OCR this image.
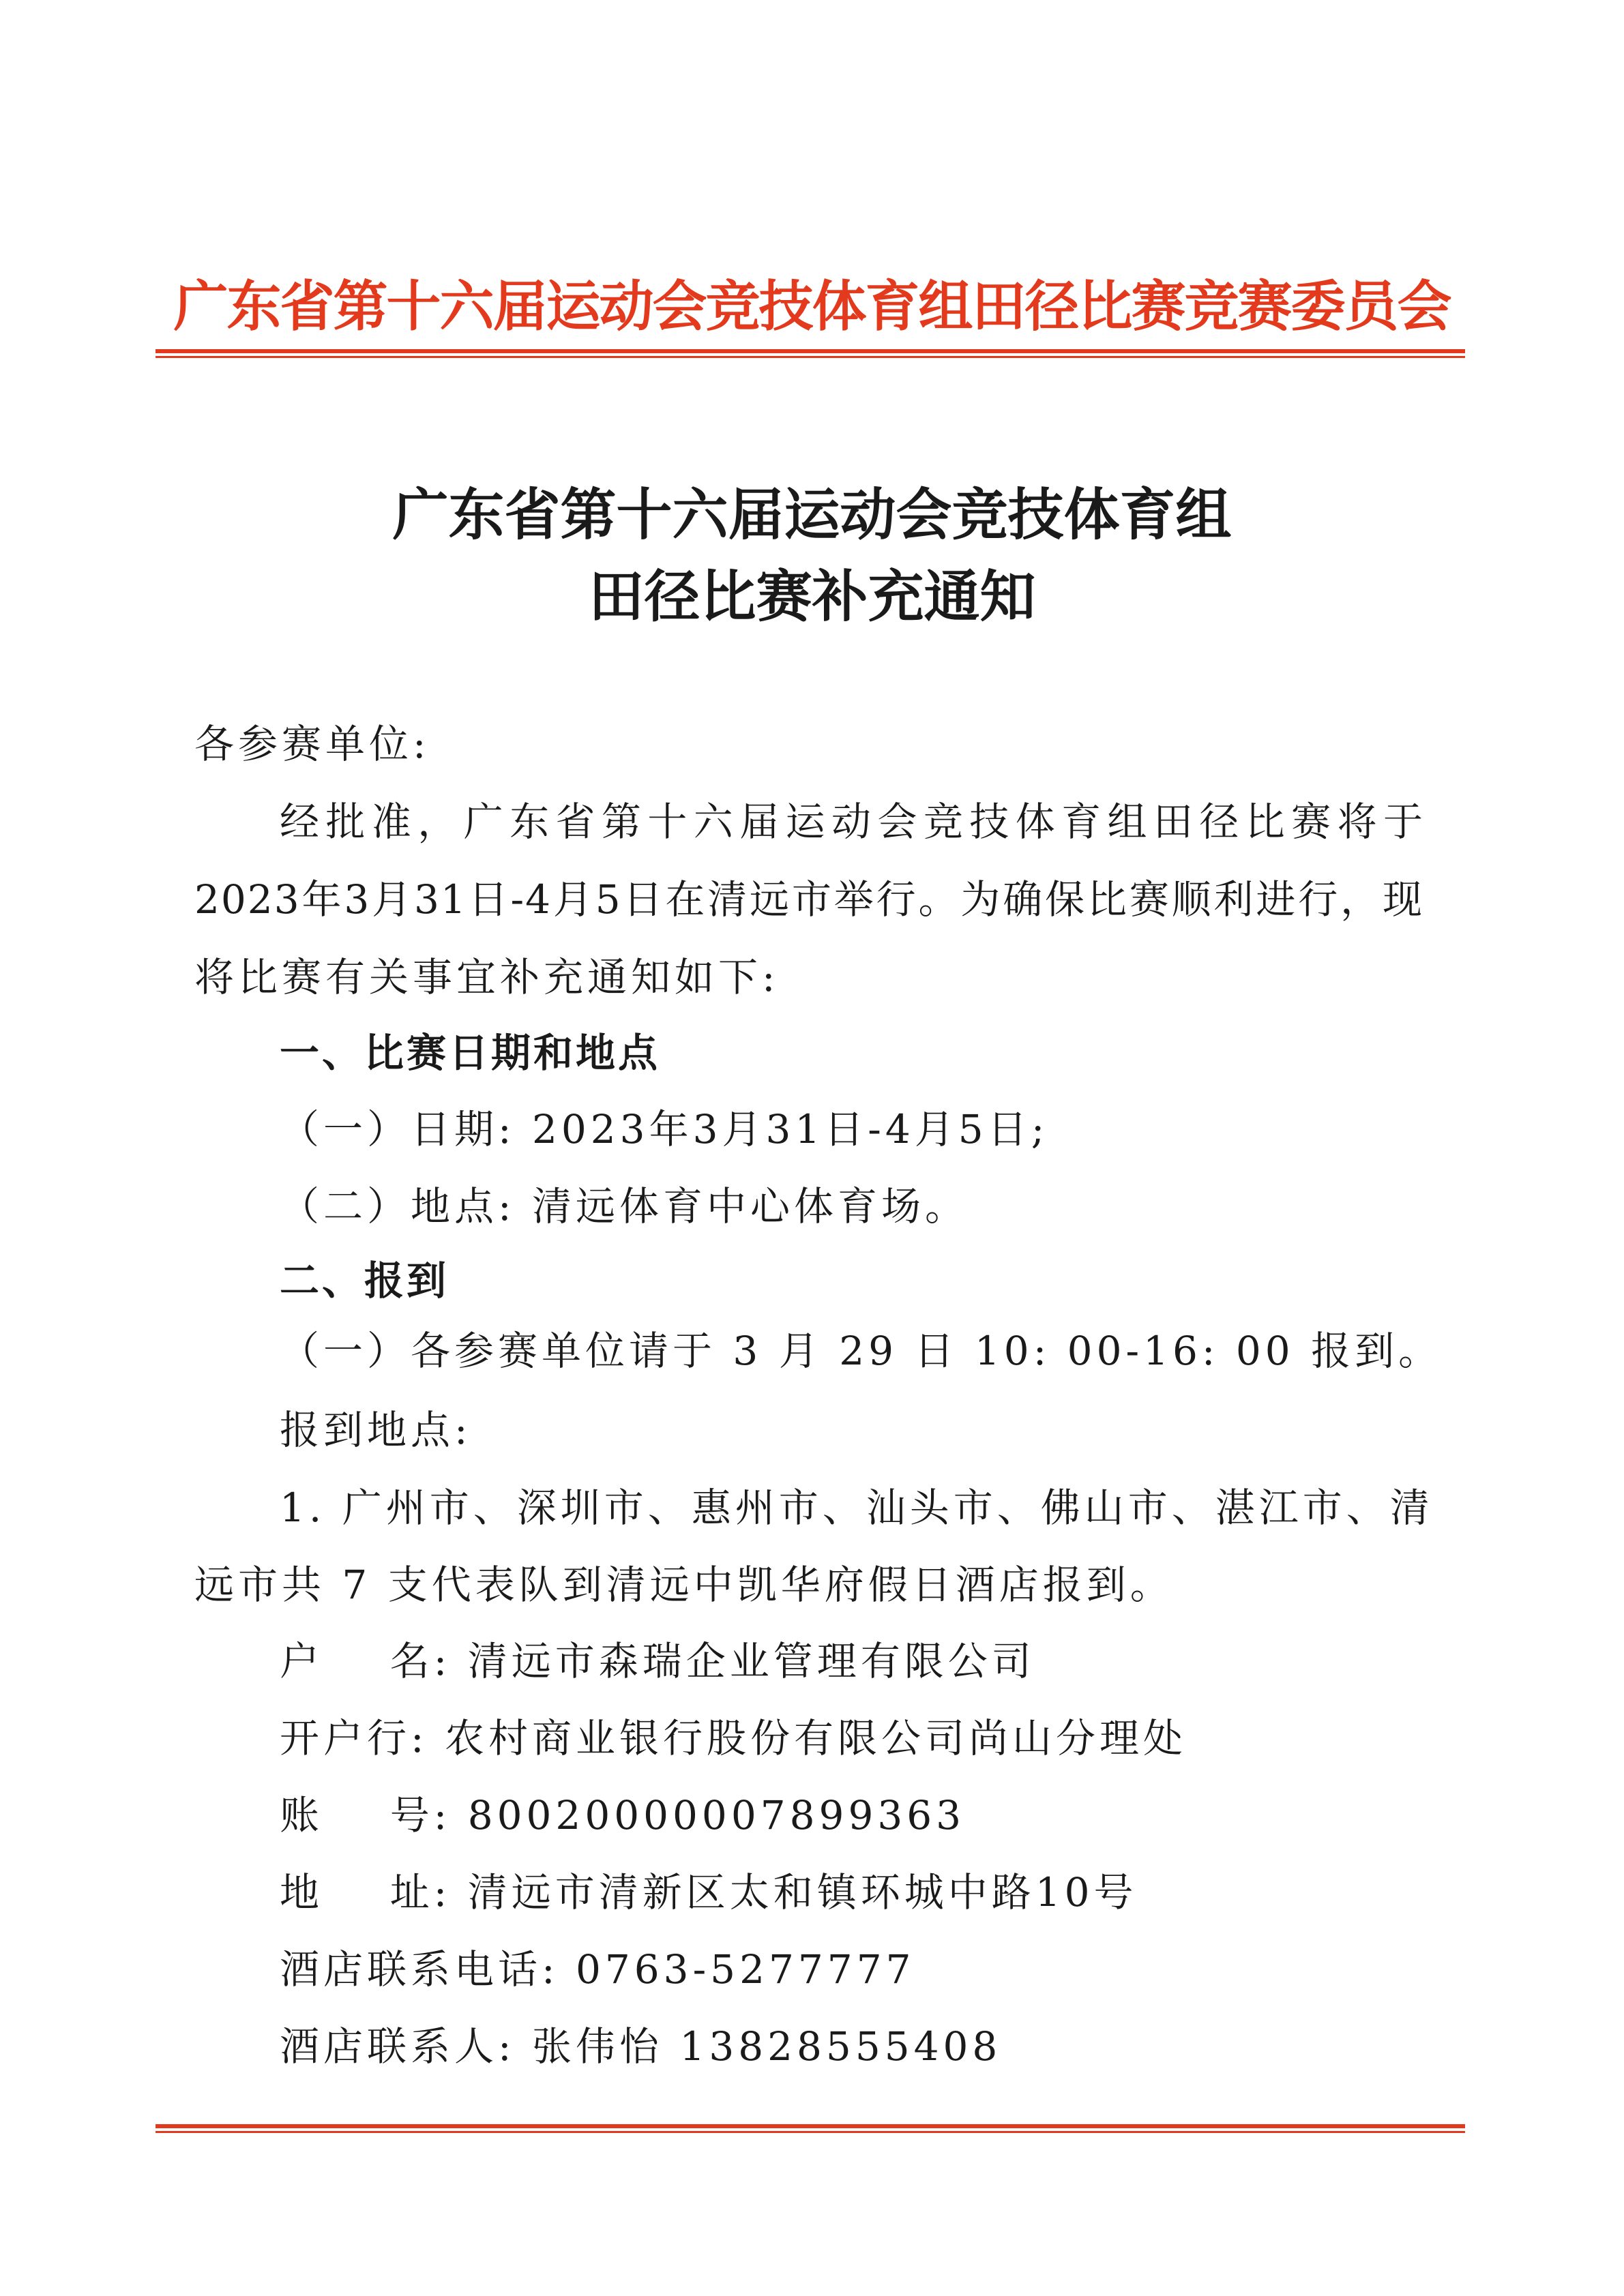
广东省第十六届运动会竞技体育组田径比赛竞赛委员会
广东省第十六届运动会竞技体育组
田径比赛补充通知
各参赛单位:
经批准，广东省第十六届运动会竞技体育组田径比赛将于
2023年3月31日-4月5日在清远市举行。为确保比赛顺利进行，现
将比赛有关事宜补充通知如下:
一、比赛日期和地点
（一）日期: 2023年3月31日-4月5日;
（二）地点: 清远体育中心体育场。
二、报到
（一）各参赛单位请于 3 月 29 日 10: 00-16: 00 报到。
报到地点:
1. 广州市、深圳市、惠州市、汕头市、佛山市、湛江市、清
远市共 7 支代表队到清远中凯华府假日酒店报到。
户    名: 清远市森瑞企业管理有限公司
开户行: 农村商业银行股份有限公司尚山分理处
账    号: 80020000007899363
地    址: 清远市清新区太和镇环城中路10号
酒店联系电话: 0763-5277777
酒店联系人: 张伟怡 13828555408
